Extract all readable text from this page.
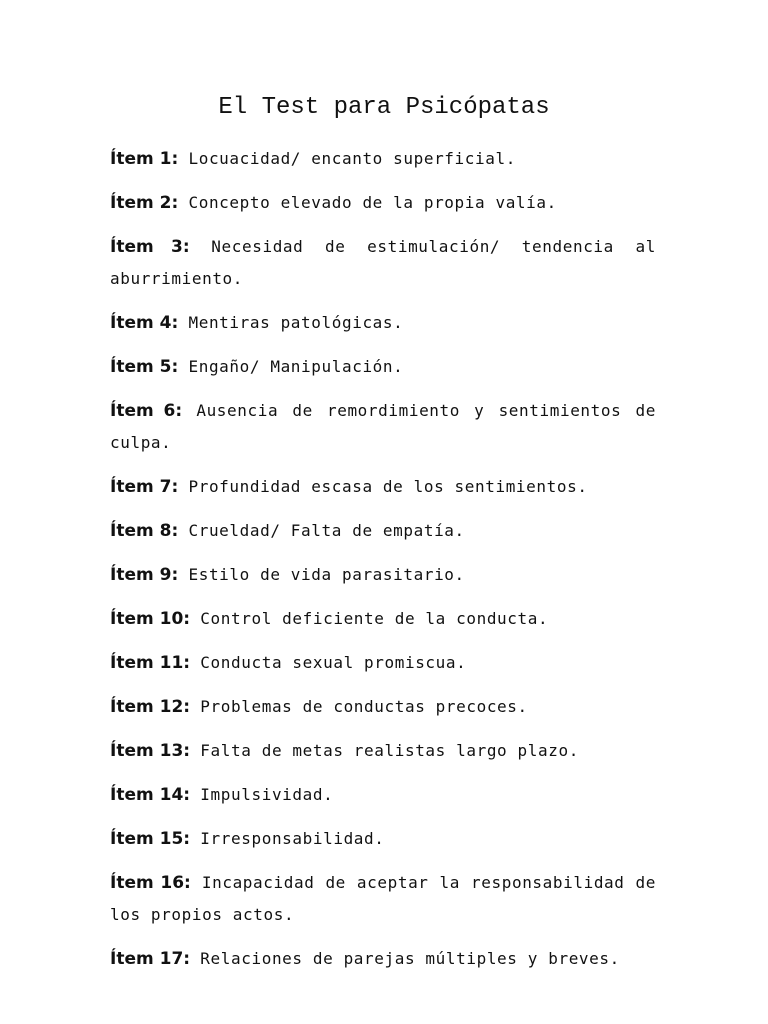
El Test para Psicópatas

Ítem 1: Locuacidad/ encanto superficial.

Ítem 2: Concepto elevado de la propia valía.

Ítem 3: Necesidad de estimulación/ tendencia al aburrimiento.

Ítem 4: Mentiras patológicas.

Ítem 5: Engaño/ Manipulación.

Ítem 6: Ausencia de remordimiento y sentimientos de culpa.

Ítem 7: Profundidad escasa de los sentimientos.

Ítem 8: Crueldad/ Falta de empatía.

Ítem 9: Estilo de vida parasitario.

Ítem 10: Control deficiente de la conducta.

Ítem 11: Conducta sexual promiscua.

Ítem 12: Problemas de conductas precoces.

Ítem 13: Falta de metas realistas largo plazo.

Ítem 14: Impulsividad.

Ítem 15: Irresponsabilidad.

Ítem 16: Incapacidad de aceptar la responsabilidad de los propios actos.

Ítem 17: Relaciones de parejas múltiples y breves.
